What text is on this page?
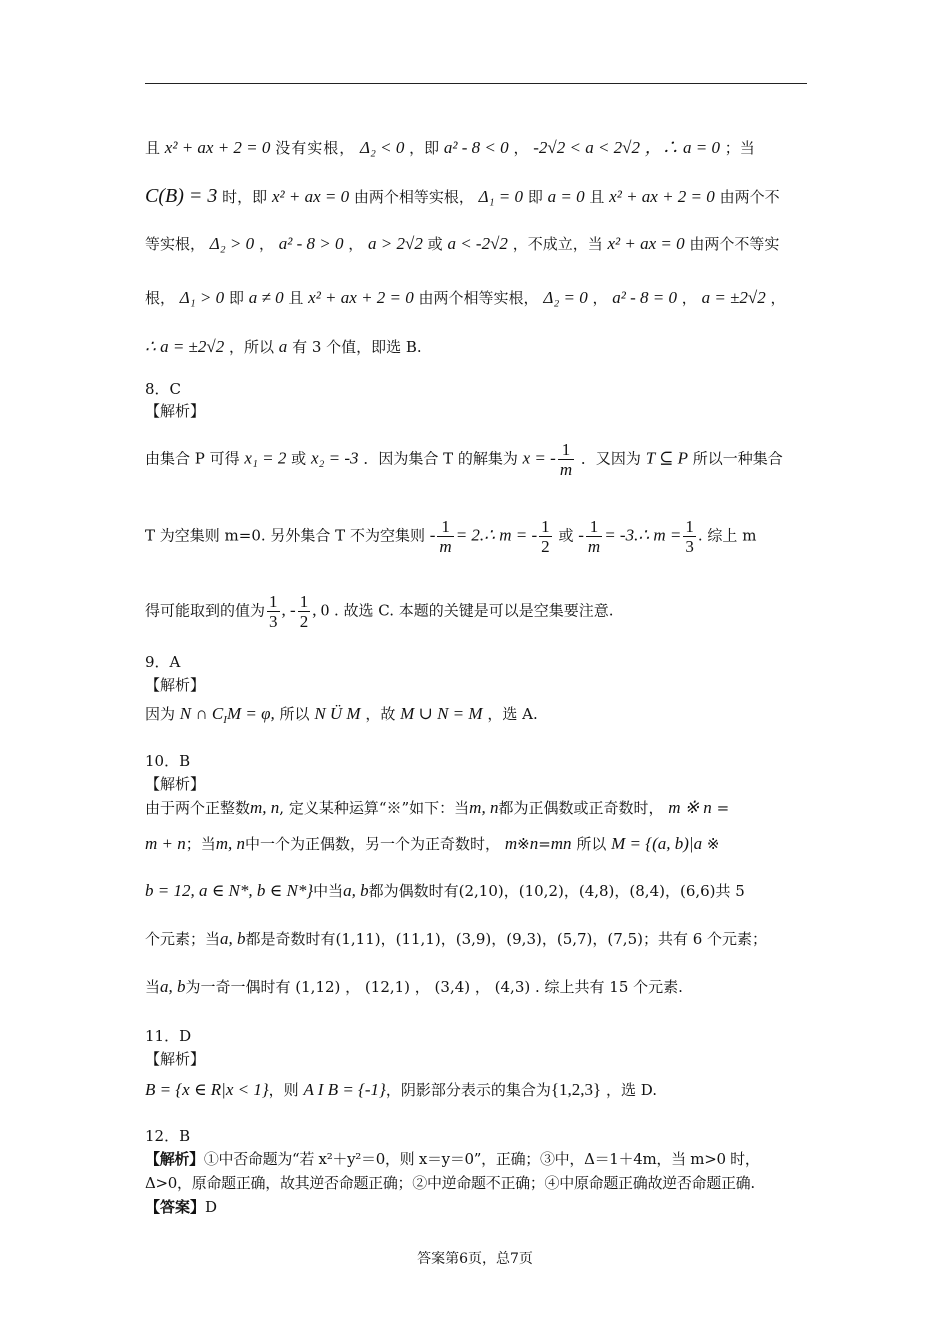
且 x² + ax + 2 = 0 没有实根， Δ₂ < 0 ，即 a² - 8 < 0 ， -2√2 < a < 2√2 ，∴ a = 0 ；当
C(B) = 3 时，即 x² + ax = 0 由两个相等实根， Δ₁ = 0 即 a = 0 且 x² + ax + 2 = 0 由两个不
等实根， Δ₂ > 0 ， a² - 8 > 0 ， a > 2√2 或 a < -2√2 ，不成立，当 x² + ax = 0 由两个不等实
根， Δ₁ > 0 即 a ≠ 0 且 x² + ax + 2 = 0 由两个相等实根， Δ₂ = 0 ， a² - 8 = 0 ， a = ±2√2 ，
∴ a = ±2√2 ，所以 a 有 3 个值，即选 B.
8．C
【解析】
由集合 P 可得 x₁ = 2 或 x₂ = -3 ．因为集合 T 的解集为 x = - $\frac{1}{m}$ ．又因为 T ⊆ P 所以一种集合
T 为空集则 m=0. 另外集合 T 不为空集则 - $\frac{1}{m}$ = 2.∴ m = - $\frac{1}{2}$ 或 - $\frac{1}{m}$ = -3.∴ $m = \frac{1}{3}$ . 综上 m
得可能取到的值为 $\frac{1}{3}$ , - $\frac{1}{2}$ , 0 . 故选 C. 本题的关键是可以是空集要注意.
9．A
【解析】
因为 N ∩ $C_IM = \varphi$, 所以 N Ü M ，故 M ∪ N = M ，选 A.
10．B
【解析】
由于两个正整数m, n, 定义某种运算“※”如下：当m, n都为正偶数或正奇数时， m ※ n =
m + n；当m, n中一个为正偶数，另一个为正奇数时， m※n=mn 所以 M = {(a, b)|a ※
b = 12, a ∈ N*, b ∈ N*}中当a, b都为偶数时有(2,10)，(10,2)，(4,8)，(8,4)，(6,6)共 5
个元素；当a, b都是奇数时有(1,11)，(11,1)，(3,9)，(9,3)，(5,7)，(7,5)；共有 6 个元素；
当a, b为一奇一偶时有 (1,12) ， (12,1) ， (3,4) ， (4,3) . 综上共有 15 个元素.
11．D
【解析】
B = {x ∈ R|x < 1}，则 A I B = {-1}，阴影部分表示的集合为{1,2,3} ，选 D.
12．B
【解析】①中否命题为“若 x²＋y²＝0，则 x＝y＝0”，正确；③中，Δ＝1＋4m，当 m>0 时，
Δ>0，原命题正确，故其逆否命题正确；②中逆命题不正确；④中原命题正确故逆否命题正确.
【答案】D
答案第6页，总7页
